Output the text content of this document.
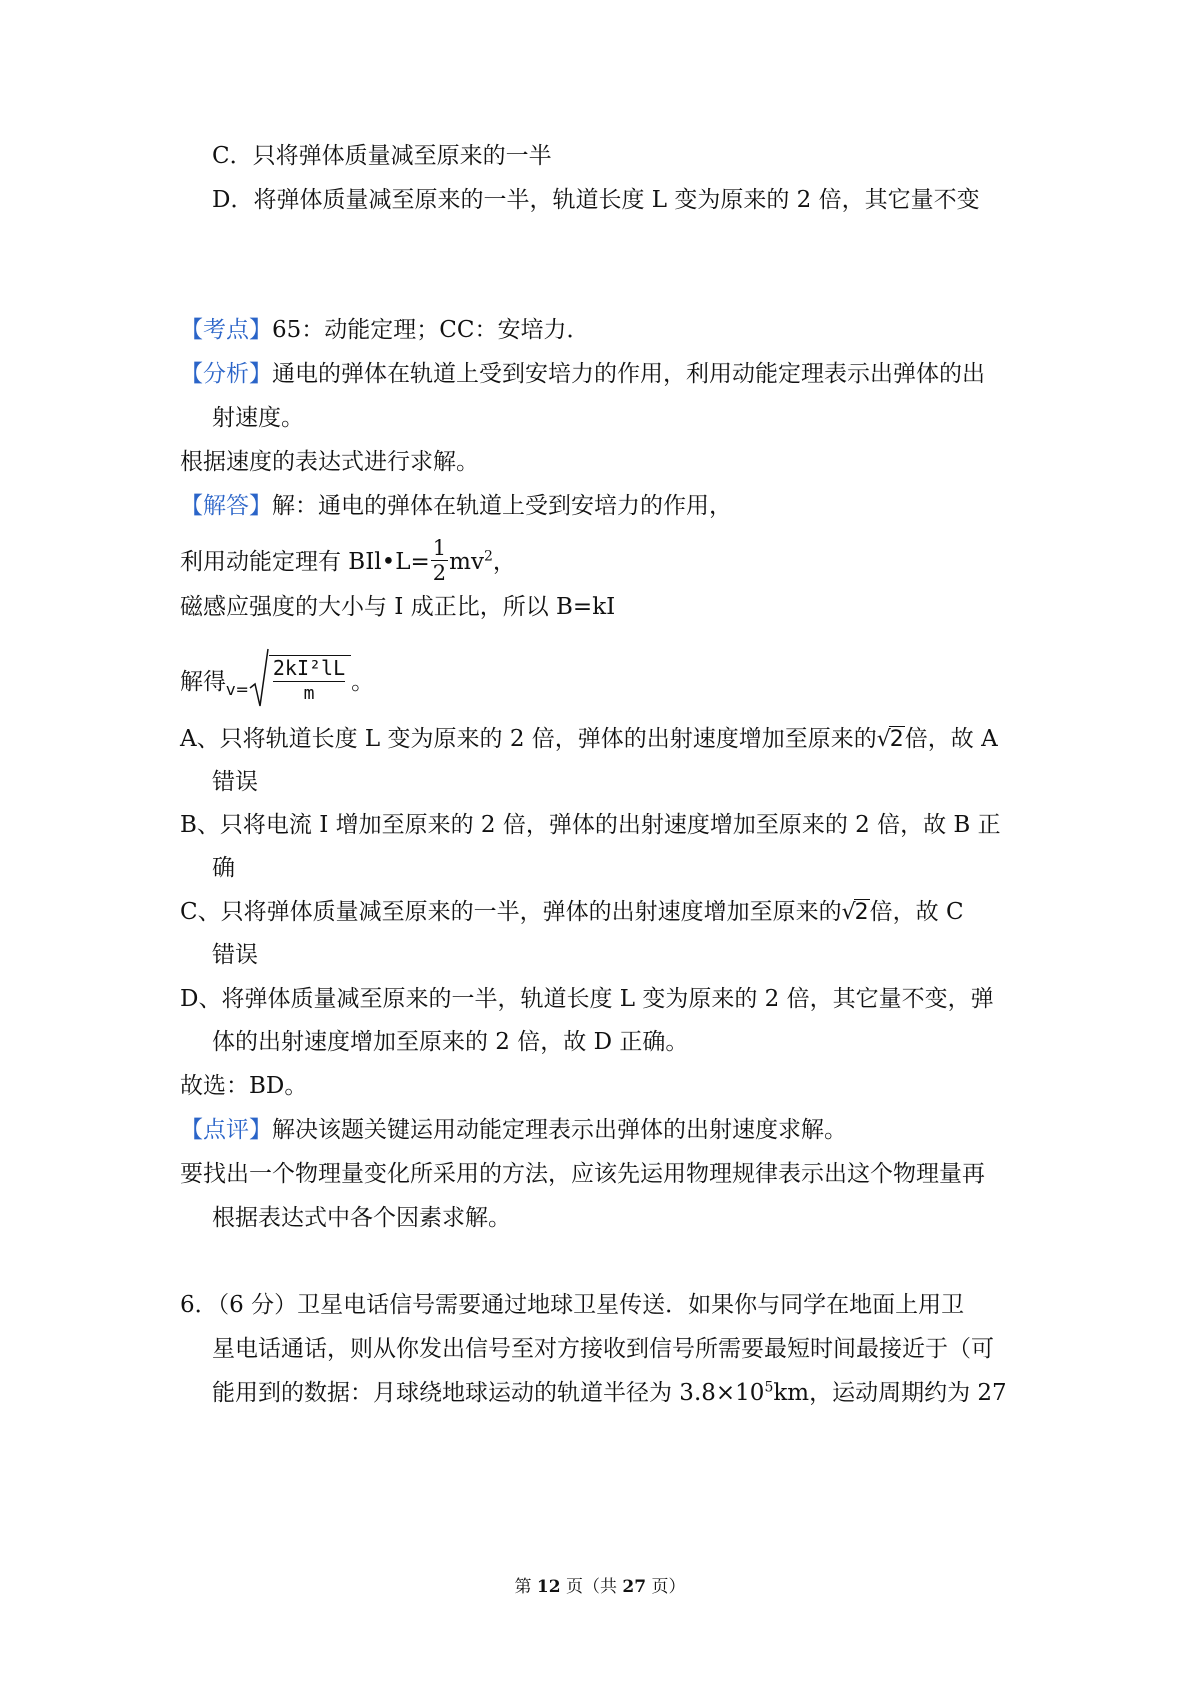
C．只将弹体质量减至原来的一半
D．将弹体质量减至原来的一半，轨道长度 L 变为原来的 2 倍，其它量不变
【考点】65：动能定理；CC：安培力．
【分析】通电的弹体在轨道上受到安培力的作用，利用动能定理表示出弹体的出
射速度。
根据速度的表达式进行求解。
【解答】解：通电的弹体在轨道上受到安培力的作用，
利用动能定理有 BIl•L= $\frac{1}{2} mv^2$，
磁感应强度的大小与 I 成正比，所以 B=kI
解得$_{v=} \frac{\text{2kI²lL}}{m}$ 。
A、只将轨道长度 L 变为原来的 2 倍，弹体的出射速度增加至原来的√2倍，故 A
错误
B、只将电流 I 增加至原来的 2 倍，弹体的出射速度增加至原来的 2 倍，故 B 正
确
C、只将弹体质量减至原来的一半，弹体的出射速度增加至原来的√2倍，故 C
错误
D、将弹体质量减至原来的一半，轨道长度 L 变为原来的 2 倍，其它量不变，弹
体的出射速度增加至原来的 2 倍，故 D 正确。
故选：BD。
【点评】解决该题关键运用动能定理表示出弹体的出射速度求解。
要找出一个物理量变化所采用的方法，应该先运用物理规律表示出这个物理量再
根据表达式中各个因素求解。
6．（6 分）卫星电话信号需要通过地球卫星传送．如果你与同学在地面上用卫
星电话通话，则从你发出信号至对方接收到信号所需要最短时间最接近于（可
能用到的数据：月球绕地球运动的轨道半径为 $3.8\times 10^5km$，运动周期约为 27
第 12 页（共 27 页）
